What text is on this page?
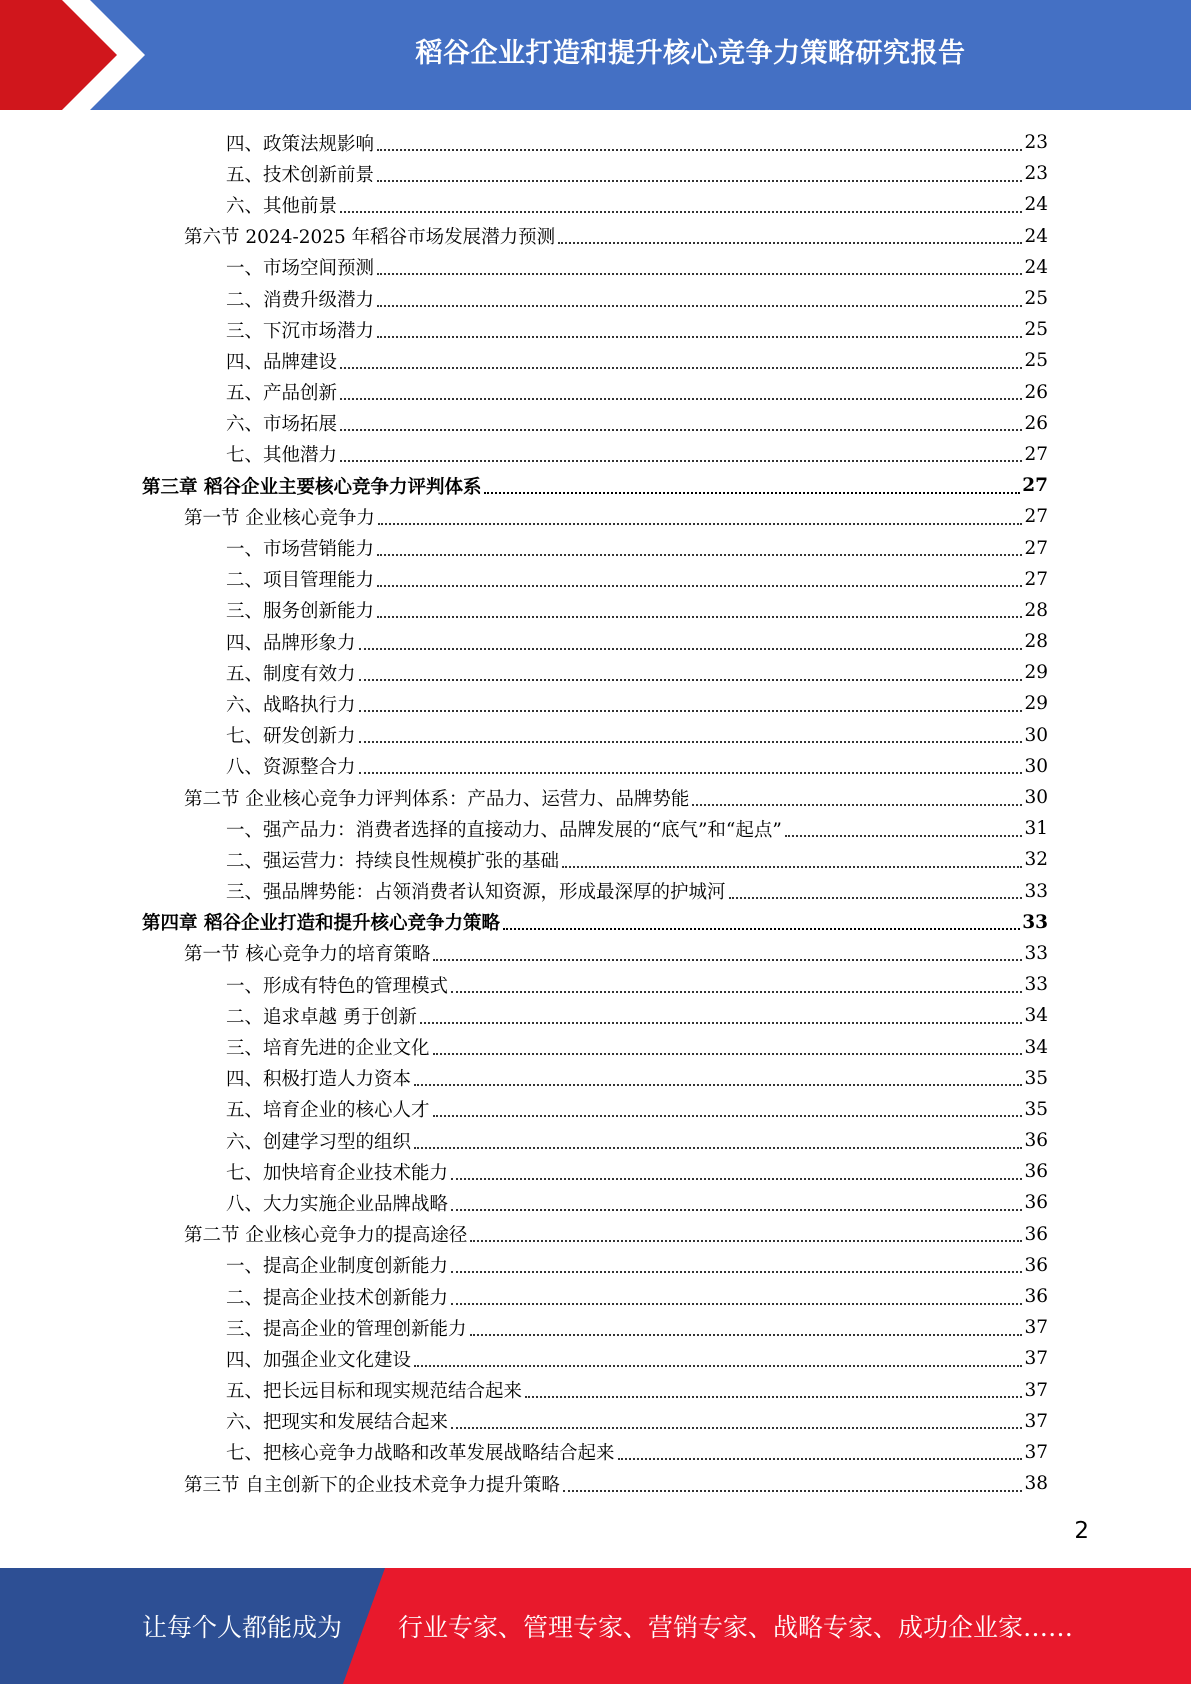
稻谷企业打造和提升核心竞争力策略研究报告
四、政策法规影响	23
五、技术创新前景	23
六、其他前景	24
第六节 2024-2025 年稻谷市场发展潜力预测	24
一、市场空间预测	24
二、消费升级潜力	25
三、下沉市场潜力	25
四、品牌建设	25
五、产品创新	26
六、市场拓展	26
七、其他潜力	27
第三章 稻谷企业主要核心竞争力评判体系	27
第一节 企业核心竞争力	27
一、市场营销能力	27
二、项目管理能力	27
三、服务创新能力	28
四、品牌形象力	28
五、制度有效力	29
六、战略执行力	29
七、研发创新力	30
八、资源整合力	30
第二节 企业核心竞争力评判体系：产品力、运营力、品牌势能	30
一、强产品力：消费者选择的直接动力、品牌发展的“底气”和“起点”	31
二、强运营力：持续良性规模扩张的基础	32
三、强品牌势能：占领消费者认知资源，形成最深厚的护城河	33
第四章 稻谷企业打造和提升核心竞争力策略	33
第一节 核心竞争力的培育策略	33
一、形成有特色的管理模式	33
二、追求卓越 勇于创新	34
三、培育先进的企业文化	34
四、积极打造人力资本	35
五、培育企业的核心人才	35
六、创建学习型的组织	36
七、加快培育企业技术能力	36
八、大力实施企业品牌战略	36
第二节 企业核心竞争力的提高途径	36
一、提高企业制度创新能力	36
二、提高企业技术创新能力	36
三、提高企业的管理创新能力	37
四、加强企业文化建设	37
五、把长远目标和现实规范结合起来	37
六、把现实和发展结合起来	37
七、把核心竞争力战略和改革发展战略结合起来	37
第三节 自主创新下的企业技术竞争力提升策略	38
2
让每个人都能成为 行业专家、管理专家、营销专家、战略专家、成功企业家……
